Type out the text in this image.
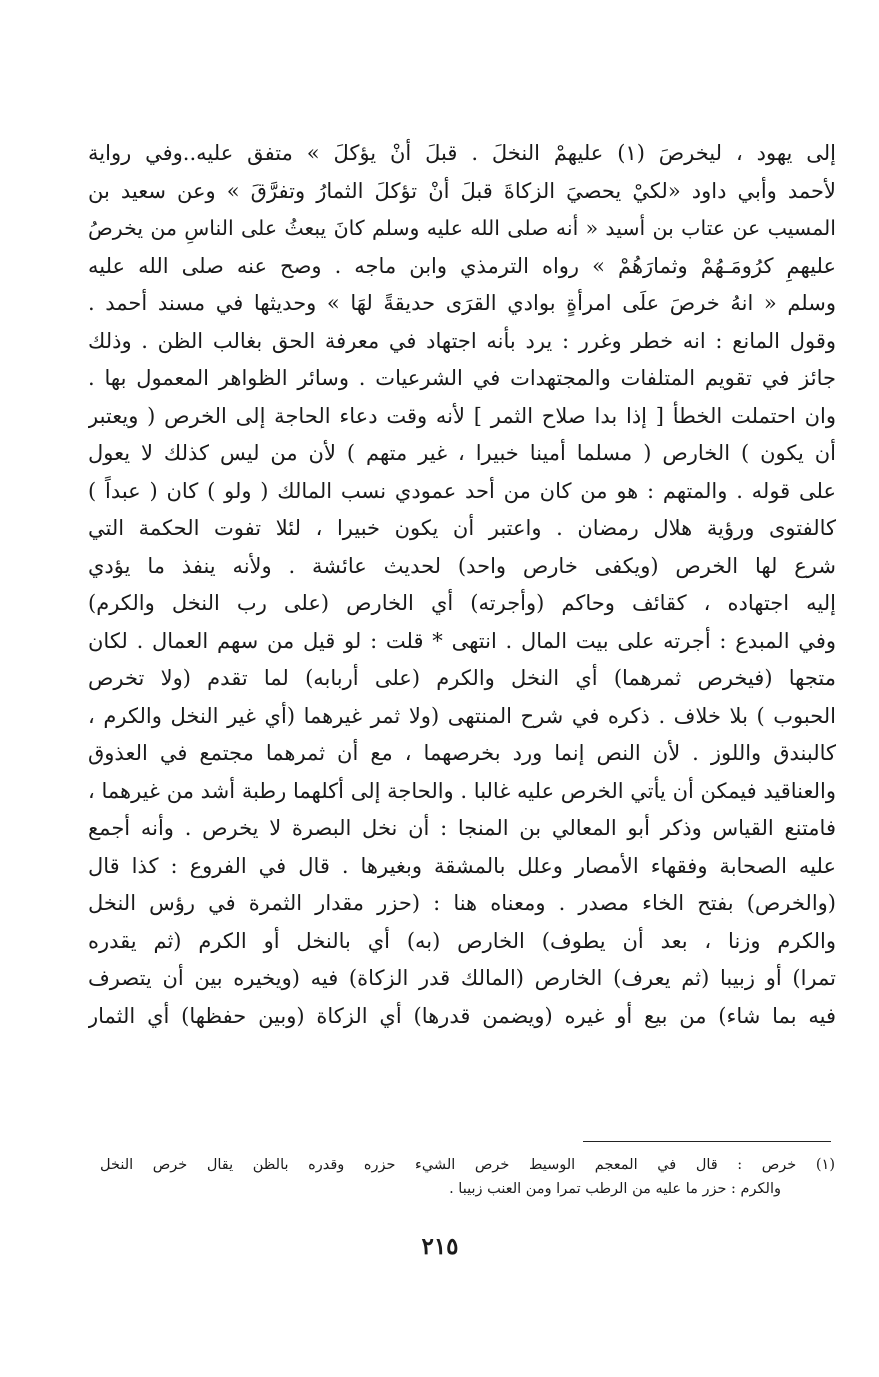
إلى يهود ، ليخرصَ (١) عليهمْ النخلَ . قبلَ أنْ يؤكلَ » متفق عليه..وفي رواية
لأحمد وأبي داود «لكيْ يحصيَ الزكاةَ قبلَ أنْ تؤكلَ الثمارُ وتفرَّقَ » وعن سعيد بن
المسيب عن عتاب بن أسيد « أنه صلى الله عليه وسلم كانَ يبعثُ على الناسِ من يخرصُ
عليهمِ كرُومَـهُمْ وثمارَهُمْ » رواه الترمذي وابن ماجه . وصح عنه صلى الله عليه
وسلم « انهُ خرصَ علَى امرأةٍ بوادي القرَى حديقةً لهَا » وحديثها في مسند أحمد .
وقول المانع : انه خطر وغرر : يرد بأنه اجتهاد في معرفة الحق بغالب الظن . وذلك
جائز في تقويم المتلفات والمجتهدات في الشرعيات . وسائر الظواهر المعمول بها .
وان احتملت الخطأ [ إذا بدا صلاح الثمر ] لأنه وقت دعاء الحاجة إلى الخرص ( ويعتبر
أن يكون ) الخارص ( مسلما أمينا خبيرا ، غير متهم ) لأن من ليس كذلك لا يعول
على قوله . والمتهم : هو من كان من أحد عمودي نسب المالك ( ولو ) كان ( عبداً )
كالفتوى ورؤية هلال رمضان . واعتبر أن يكون خبيرا ، لئلا تفوت الحكمة التي
شرع لها الخرص (ويكفى خارص واحد) لحديث عائشة . ولأنه ينفذ ما يؤدي
إليه اجتهاده ، كقائف وحاكم (وأجرته) أي الخارص (على رب النخل والكرم)
وفي المبدع : أجرته على بيت المال . انتهى * قلت : لو قيل من سهم العمال . لكان
متجها (فيخرص ثمرهما) أي النخل والكرم (على أربابه) لما تقدم (ولا تخرص
الحبوب ) بلا خلاف . ذكره في شرح المنتهى (ولا ثمر غيرهما (أي غير النخل والكرم ،
كالبندق واللوز . لأن النص إنما ورد بخرصهما ، مع أن ثمرهما مجتمع في العذوق
والعناقيد فيمكن أن يأتي الخرص عليه غالبا . والحاجة إلى أكلهما رطبة أشد من غيرهما ،
فامتنع القياس وذكر أبو المعالي بن المنجا : أن نخل البصرة لا يخرص . وأنه أجمع
عليه الصحابة وفقهاء الأمصار وعلل بالمشقة وبغيرها . قال في الفروع : كذا قال
(والخرص) بفتح الخاء مصدر . ومعناه هنا : (حزر مقدار الثمرة في رؤس النخل
والكرم وزنا ، بعد أن يطوف) الخارص (به) أي بالنخل أو الكرم (ثم يقدره
تمرا) أو زبيبا (ثم يعرف) الخارص (المالك قدر الزكاة) فيه (ويخيره بين أن يتصرف
فيه بما شاء) من بيع أو غيره (ويضمن قدرها) أي الزكاة (وبين حفظها) أي الثمار
(١) خرص : قال في المعجم الوسيط خرص الشيء حزره وقدره بالظن يقال خرص النخل
والكرم : حزر ما عليه من الرطب تمرا ومن العنب زبيبا .
٢١٥
